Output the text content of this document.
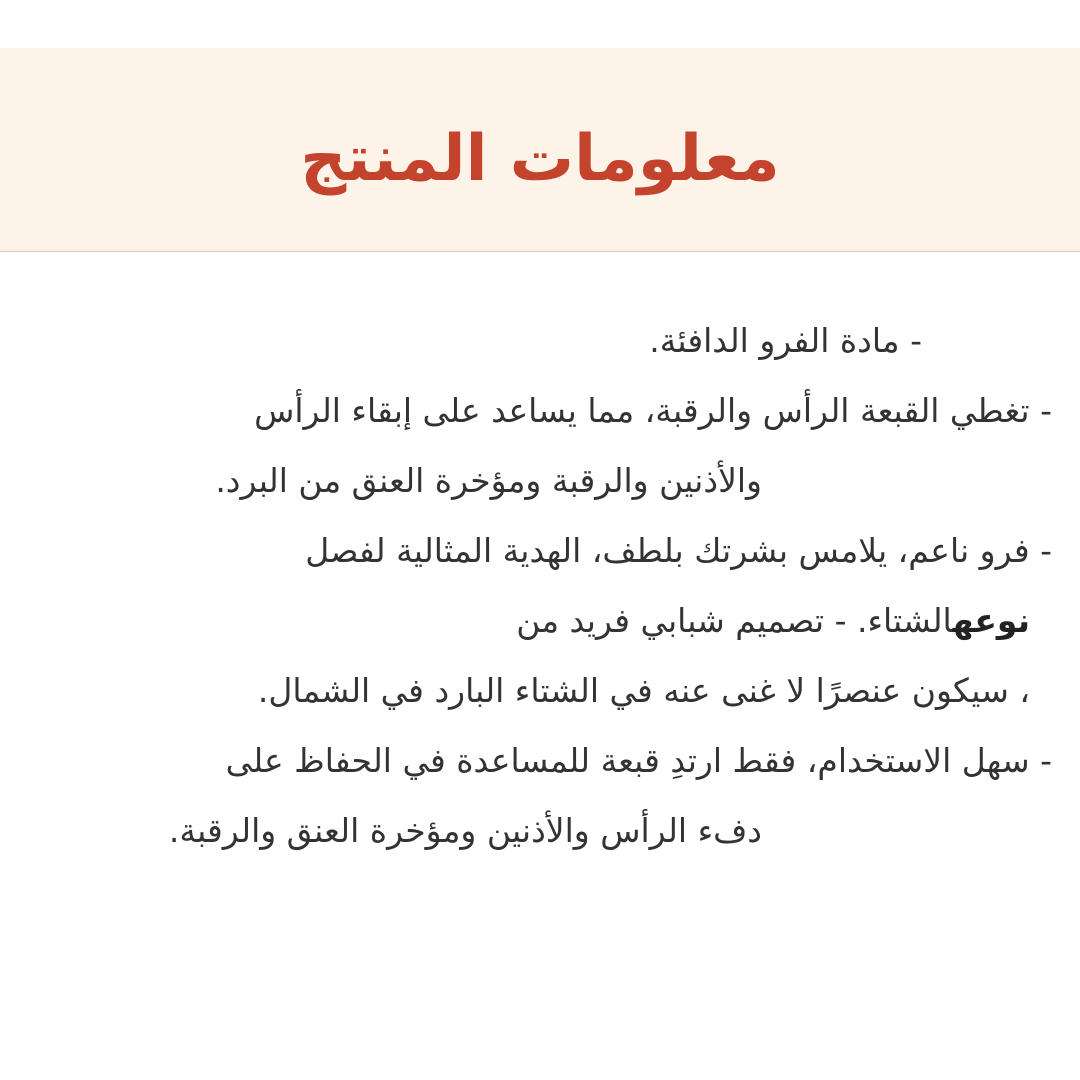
معلومات المنتج
- مادة الفرو الدافئة.
- تغطي القبعة الرأس والرقبة، مما يساعد على إبقاء الرأس
والأذنين والرقبة ومؤخرة العنق من البرد.
- فرو ناعم، يلامس بشرتك بلطف، الهدية المثالية لفصل
نوعهالشتاء. - تصميم شبابي فريد من
، سيكون عنصرًا لا غنى عنه في الشتاء البارد في الشمال.
- سهل الاستخدام، فقط ارتدِ قبعة للمساعدة في الحفاظ على
دفء الرأس والأذنين ومؤخرة العنق والرقبة.
